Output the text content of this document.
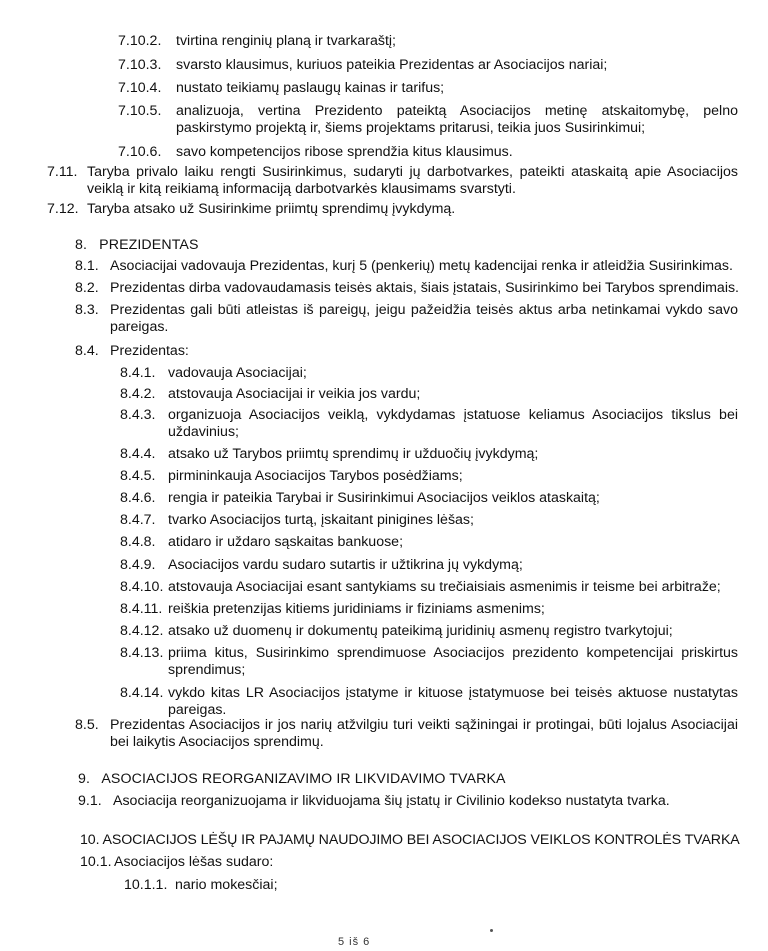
7.10.2. tvirtina renginių planą ir tvarkaraštį;
7.10.3. svarsto klausimus, kuriuos pateikia Prezidentas ar Asociacijos nariai;
7.10.4. nustato teikiamų paslaugų kainas ir tarifus;
7.10.5. analizuoja, vertina Prezidento pateiktą Asociacijos metinę atskaitomybę, pelno paskirstymo projektą ir, šiems projektams pritarusi, teikia juos Susirinkimui;
7.10.6. savo kompetencijos ribose sprendžia kitus klausimus.
7.11. Taryba privalo laiku rengti Susirinkimus, sudaryti jų darbotvarkes, pateikti ataskaitą apie Asociacijos veiklą ir kitą reikiamą informaciją darbotvarkės klausimams svarstyti.
7.12. Taryba atsako už Susirinkime priimtų sprendimų įvykdymą.
8.   PREZIDENTAS
8.1. Asociacijai vadovauja Prezidentas, kurį 5 (penkerių) metų kadencijai renka ir atleidžia Susirinkimas.
8.2. Prezidentas dirba vadovaudamasis teisės aktais, šiais įstatais, Susirinkimo bei Tarybos sprendimais.
8.3. Prezidentas gali būti atleistas iš pareigų, jeigu pažeidžia teisės aktus arba netinkamai vykdo savo pareigas.
8.4. Prezidentas:
8.4.1. vadovauja Asociacijai;
8.4.2. atstovauja Asociacijai ir veikia jos vardu;
8.4.3. organizuoja Asociacijos veiklą, vykdydamas įstatuose keliamus Asociacijos tikslus bei uždavinius;
8.4.4. atsako už Tarybos priimtų sprendimų ir užduočių įvykdymą;
8.4.5. pirmininkauja Asociacijos Tarybos posėdžiams;
8.4.6. rengia ir pateikia Tarybai ir Susirinkimui Asociacijos veiklos ataskaitą;
8.4.7. tvarko Asociacijos turtą, įskaitant pinigines lėšas;
8.4.8. atidaro ir uždaro sąskaitas bankuose;
8.4.9. Asociacijos vardu sudaro sutartis ir užtikrina jų vykdymą;
8.4.10. atstovauja Asociacijai esant santykiams su trečiaisiais asmenimis ir teisme bei arbitraže;
8.4.11. reiškia pretenzijas kitiems juridiniams ir fiziniams asmenims;
8.4.12. atsako už duomenų ir dokumentų pateikimą juridinių asmenų registro tvarkytojui;
8.4.13. priima kitus, Susirinkimo sprendimuose Asociacijos prezidento kompetencijai priskirtus sprendimus;
8.4.14. vykdo kitas LR Asociacijos įstatyme ir kituose įstatymuose bei teisės aktuose nustatytas pareigas.
8.5. Prezidentas Asociacijos ir jos narių atžvilgiu turi veikti sąžiningai ir protingai, būti lojalus Asociacijai bei laikytis Asociacijos sprendimų.
9.   ASOCIACIJOS REORGANIZAVIMO IR LIKVIDAVIMO TVARKA
9.1. Asociacija reorganizuojama ir likviduojama šių įstatų ir Civilinio kodekso nustatyta tvarka.
10. ASOCIACIJOS LĖŠŲ IR PAJAMŲ NAUDOJIMO BEI ASOCIACIJOS VEIKLOS KONTROLĖS TVARKA
10.1. Asociacijos lėšas sudaro:
10.1.1. nario mokesčiai;
5 iš 6
